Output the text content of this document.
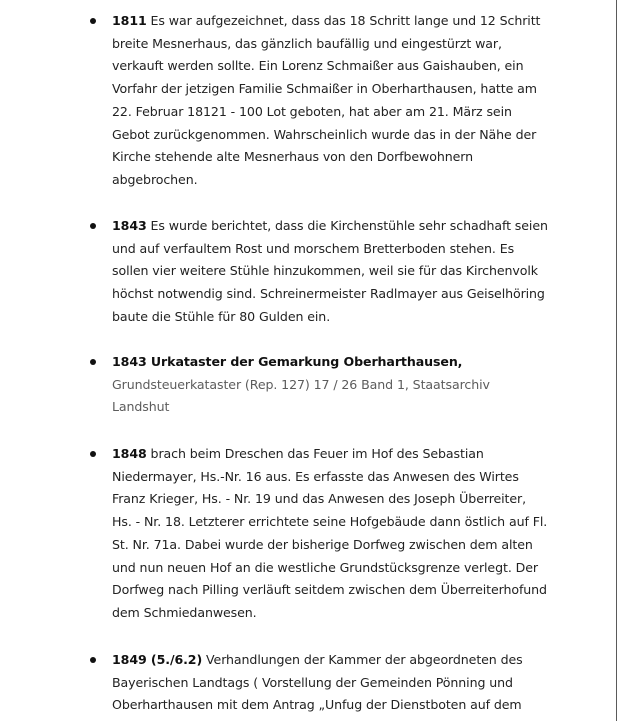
1811 Es war aufgezeichnet, dass das 18 Schritt lange und 12 Schritt breite Mesnerhaus, das gänzlich baufällig und eingestürzt war, verkauft werden sollte. Ein Lorenz Schmaißer aus Gaishauben, ein Vorfahr der jetzigen Familie Schmaißer in Oberharthausen, hatte am 22. Februar 18121 - 100 Lot geboten, hat aber am 21. März sein Gebot zurückgenommen. Wahrscheinlich wurde das in der Nähe der Kirche stehende alte Mesnerhaus von den Dorfbewohnern abgebrochen.
1843 Es wurde berichtet, dass die Kirchenstühle sehr schadhaft seien und auf verfaultem Rost und morschem Bretterboden stehen. Es sollen vier weitere Stühle hinzukommen, weil sie für das Kirchenvolk höchst notwendig sind. Schreinermeister Radlmayer aus Geiselhöring baute die Stühle für 80 Gulden ein.
1843 Urkataster der Gemarkung Oberharthausen,
Grundsteuerkataster (Rep. 127) 17 / 26 Band 1, Staatsarchiv Landshut
1848 brach beim Dreschen das Feuer im Hof des Sebastian Niedermayer, Hs.-Nr. 16 aus. Es erfasste das Anwesen des Wirtes Franz Krieger, Hs. - Nr. 19 und das Anwesen des Joseph Überreiter, Hs. - Nr. 18. Letzterer errichtete seine Hofgebäude dann östlich auf Fl. St. Nr. 71a. Dabei wurde der bisherige Dorfweg zwischen dem alten und nun neuen Hof an die westliche Grundstücksgrenze verlegt. Der Dorfweg nach Pilling verläuft seitdem zwischen dem Überreiterhofund dem Schmiedanwesen.
1849 (5./6.2) Verhandlungen der Kammer der abgeordneten des Bayerischen Landtags ( Vorstellung der Gemeinden Pönning und Oberharthausen mit dem Antrag „Unfug der Dienstboten auf dem
